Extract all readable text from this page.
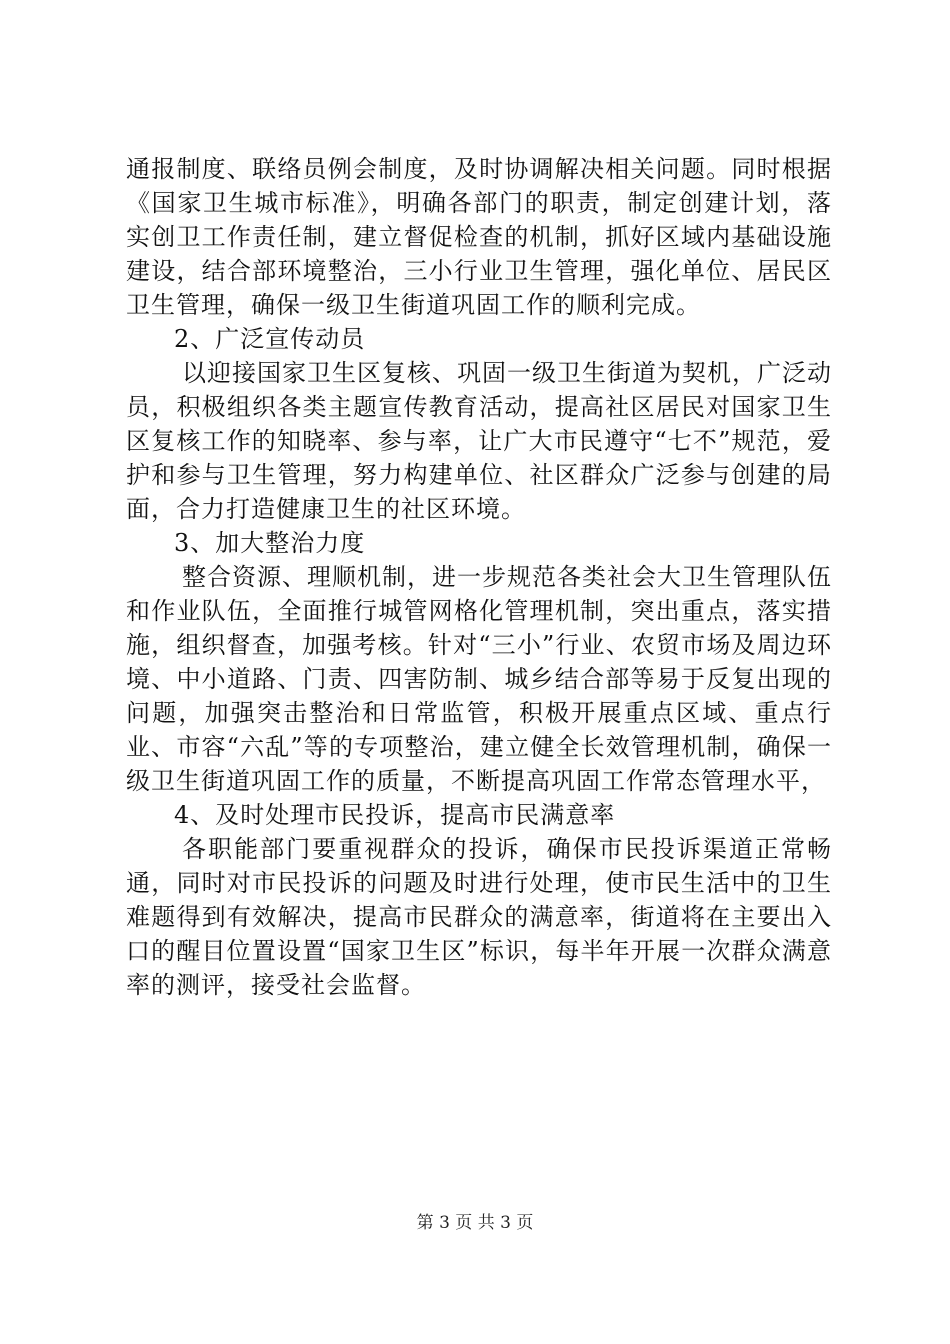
通报制度、联络员例会制度，及时协调解决相关问题。同时根据《国家卫生城市标准》，明确各部门的职责，制定创建计划，落实创卫工作责任制，建立督促检查的机制，抓好区域内基础设施建设，结合部环境整治，三小行业卫生管理，强化单位、居民区卫生管理，确保一级卫生街道巩固工作的顺利完成。

2、广泛宣传动员

以迎接国家卫生区复核、巩固一级卫生街道为契机，广泛动员，积极组织各类主题宣传教育活动，提高社区居民对国家卫生区复核工作的知晓率、参与率，让广大市民遵守“七不”规范，爱护和参与卫生管理，努力构建单位、社区群众广泛参与创建的局面，合力打造健康卫生的社区环境。

3、加大整治力度

整合资源、理顺机制，进一步规范各类社会大卫生管理队伍和作业队伍，全面推行城管网格化管理机制，突出重点，落实措施，组织督查，加强考核。针对“三小”行业、农贸市场及周边环境、中小道路、门责、四害防制、城乡结合部等易于反复出现的问题，加强突击整治和日常监管，积极开展重点区域、重点行业、市容“六乱”等的专项整治，建立健全长效管理机制，确保一级卫生街道巩固工作的质量，不断提高巩固工作常态管理水平，

4、及时处理市民投诉，提高市民满意率

各职能部门要重视群众的投诉，确保市民投诉渠道正常畅通，同时对市民投诉的问题及时进行处理，使市民生活中的卫生难题得到有效解决，提高市民群众的满意率，街道将在主要出入口的醒目位置设置“国家卫生区”标识，每半年开展一次群众满意率的测评，接受社会监督。

第 3 页 共 3 页
